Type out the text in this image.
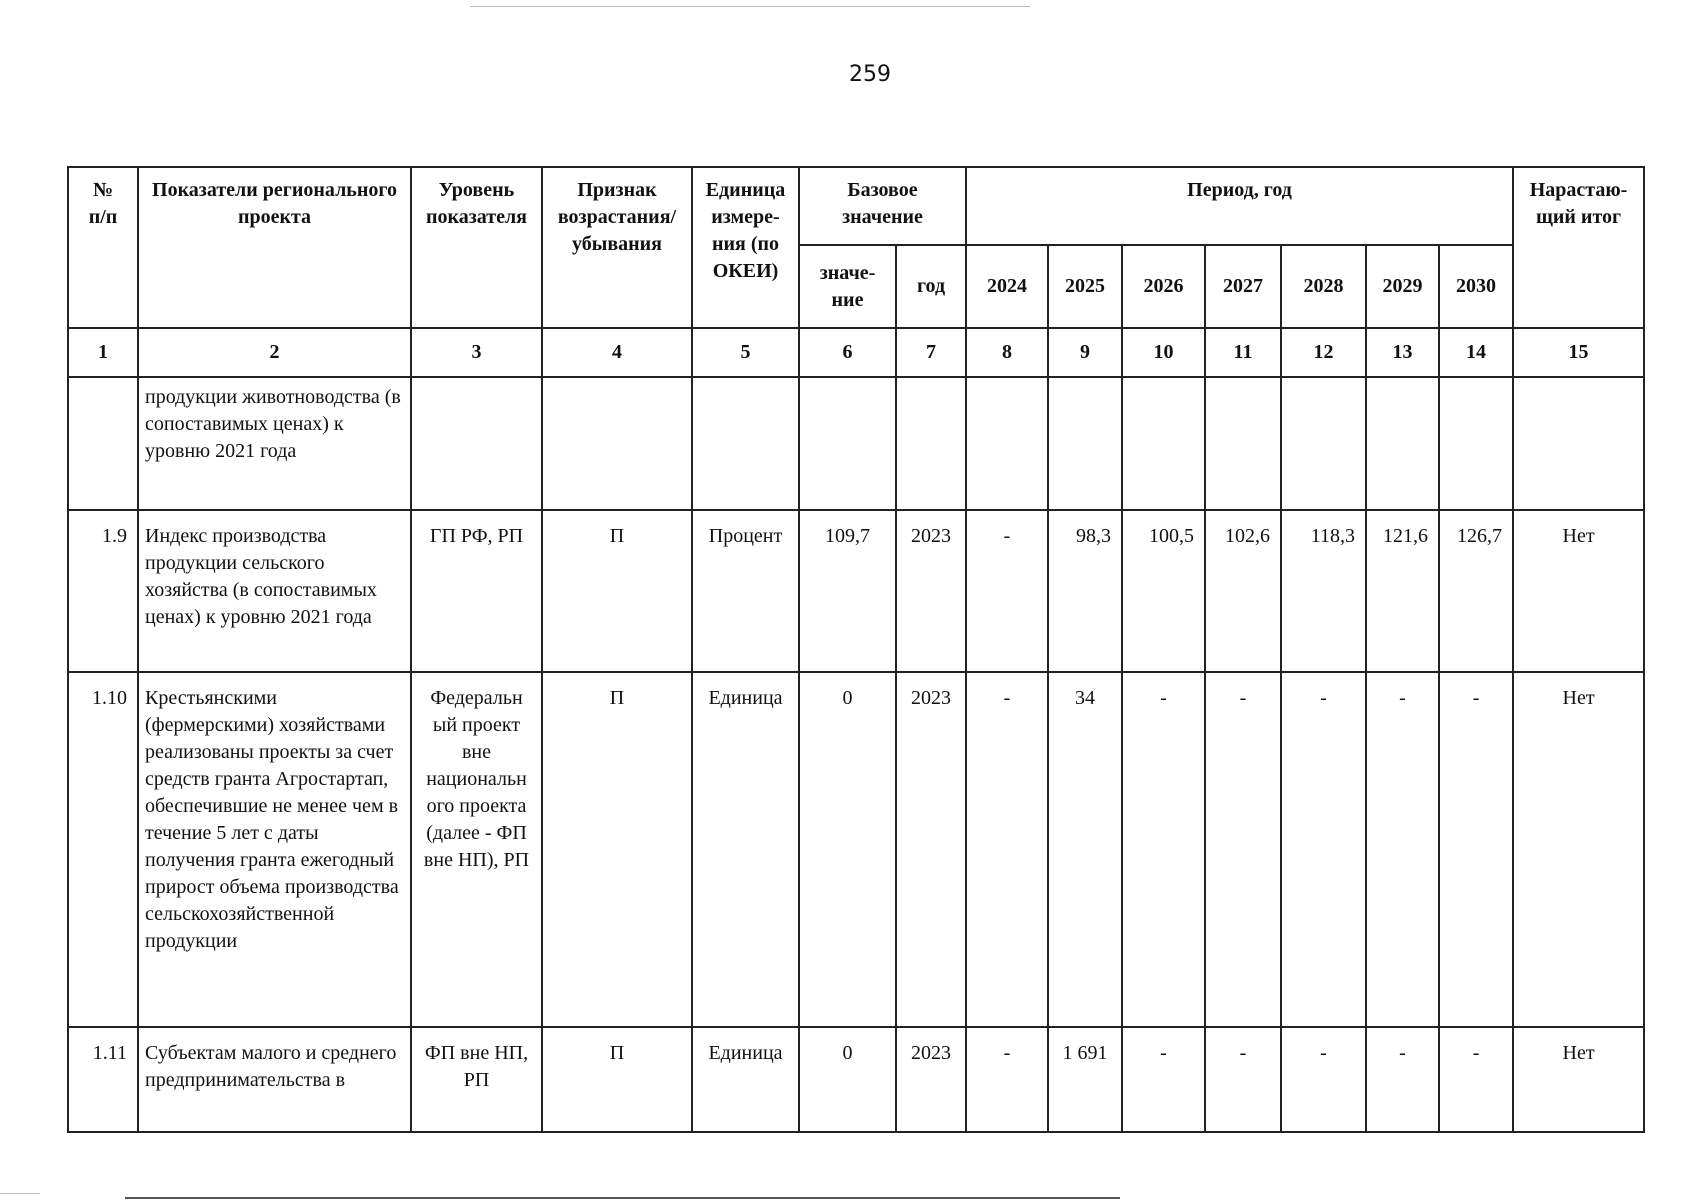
259
№
п/п	Показатели регионального проекта	Уровень показателя	Признак возрастания/ убывания	Единица измере-ния (по ОКЕИ)	Базовое значение		Период, год							Нарастаю-щий итог
					значе-ние	год	2024	2025	2026	2027	2028	2029	2030	
1	2	3	4	5	6	7	8	9	10	11	12	13	14	15
	продукции животноводства (в сопоставимых ценах) к уровню 2021 года													
1.9	Индекс производства продукции сельского хозяйства (в сопоставимых ценах) к уровню 2021 года	ГП РФ, РП	П	Процент	109,7	2023	-	98,3	100,5	102,6	118,3	121,6	126,7	Нет
1.10	Крестьянскими (фермерскими) хозяйствами реализованы проекты за счет средств гранта Агростартап, обеспечившие не менее чем в течение 5 лет с даты получения гранта ежегодный прирост объема производства сельскохозяйственной продукции	Федеральн ый проект вне национальн ого проекта (далее - ФП вне НП), РП	П	Единица	0	2023	-	34	-	-	-	-	-	Нет
1.11	Субъектам малого и среднего предпринимательства в	ФП вне НП, РП	П	Единица	0	2023	-	1 691	-	-	-	-	-	Нет
